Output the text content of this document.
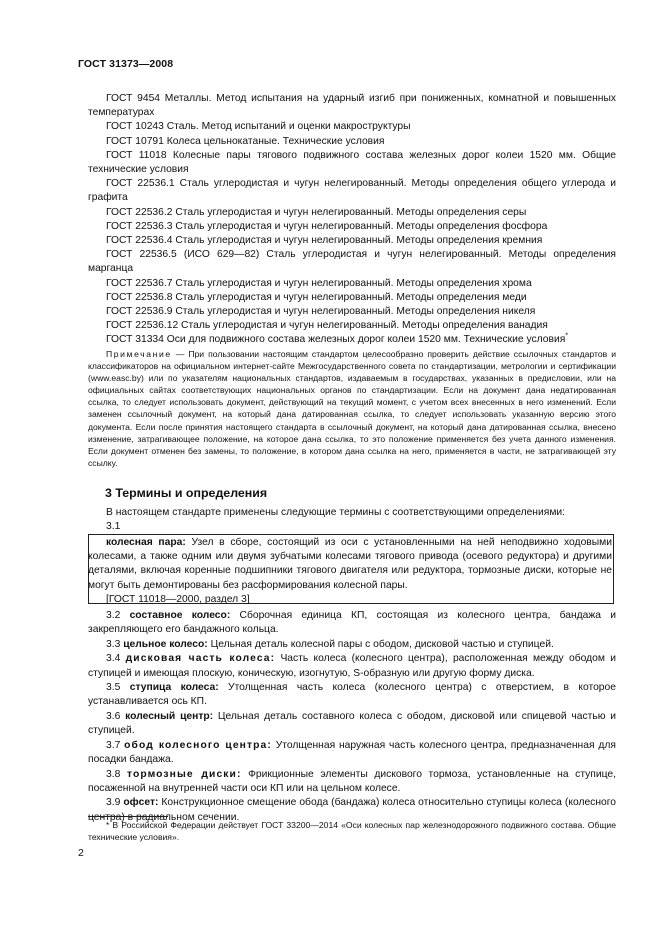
ГОСТ 31373—2008

ГОСТ 9454 Металлы. Метод испытания на ударный изгиб при пониженных, комнатной и повышенных температурах

ГОСТ 10243 Сталь. Метод испытаний и оценки макроструктуры

ГОСТ 10791 Колеса цельнокатаные. Технические условия

ГОСТ 11018 Колесные пары тягового подвижного состава железных дорог колеи 1520 мм. Общие технические условия

ГОСТ 22536.1 Сталь углеродистая и чугун нелегированный. Методы определения общего углерода и графита

ГОСТ 22536.2 Сталь углеродистая и чугун нелегированный. Методы определения серы

ГОСТ 22536.3 Сталь углеродистая и чугун нелегированный. Методы определения фосфора

ГОСТ 22536.4 Сталь углеродистая и чугун нелегированный. Методы определения кремния

ГОСТ 22536.5 (ИСО 629—82) Сталь углеродистая и чугун нелегированный. Методы определения марганца

ГОСТ 22536.7 Сталь углеродистая и чугун нелегированный. Методы определения хрома

ГОСТ 22536.8 Сталь углеродистая и чугун нелегированный. Методы определения меди

ГОСТ 22536.9 Сталь углеродистая и чугун нелегированный. Методы определения никеля

ГОСТ 22536.12 Сталь углеродистая и чугун нелегированный. Методы определения ванадия

ГОСТ 31334 Оси для подвижного состава железных дорог колеи 1520 мм. Технические условия*

Примечание — При пользовании настоящим стандартом целесообразно проверить действие ссылочных стандартов и классификаторов на официальном интернет-сайте Межгосударственного совета по стандартизации, метрологии и сертификации (www.easc.by) или по указателям национальных стандартов, издаваемым в государствах, указанных в предисловии, или на официальных сайтах соответствующих национальных органов по стандартизации. Если на документ дана недатированная ссылка, то следует использовать документ, действующий на текущий момент, с учетом всех внесенных в него изменений. Если заменен ссылочный документ, на который дана датированная ссылка, то следует использовать указанную версию этого документа. Если после принятия настоящего стандарта в ссылочный документ, на который дана датированная ссылка, внесено изменение, затрагивающее положение, на которое дана ссылка, то это положение применяется без учета данного изменения. Если документ отменен без замены, то положение, в котором дана ссылка на него, применяется в части, не затрагивающей эту ссылку.

3 Термины и определения

В настоящем стандарте применены следующие термины с соответствующими определениями:

3.1

колесная пара: Узел в сборе, состоящий из оси с установленными на ней неподвижно ходовыми колесами, а также одним или двумя зубчатыми колесами тягового привода (осевого редуктора) и другими деталями, включая коренные подшипники тягового двигателя или редуктора, тормозные диски, которые не могут быть демонтированы без расформирования колесной пары.

[ГОСТ 11018—2000, раздел 3]

3.2 составное колесо: Сборочная единица КП, состоящая из колесного центра, бандажа и закрепляющего его бандажного кольца.

3.3 цельное колесо: Цельная деталь колесной пары с ободом, дисковой частью и ступицей.

3.4 дисковая часть колеса: Часть колеса (колесного центра), расположенная между ободом и ступицей и имеющая плоскую, коническую, изогнутую, S-образную или другую форму диска.

3.5 ступица колеса: Утолщенная часть колеса (колесного центра) с отверстием, в которое устанавливается ось КП.

3.6 колесный центр: Цельная деталь составного колеса с ободом, дисковой или спицевой частью и ступицей.

3.7 обод колесного центра: Утолщенная наружная часть колесного центра, предназначенная для посадки бандажа.

3.8 тормозные диски: Фрикционные элементы дискового тормоза, установленные на ступице, посаженной на внутренней части оси КП или на цельном колесе.

3.9 офсет: Конструкционное смещение обода (бандажа) колеса относительно ступицы колеса (колесного центра) в радиальном сечении.

* В Российской Федерации действует ГОСТ 33200—2014 «Оси колесных пар железнодорожного подвижного состава. Общие технические условия».

2
